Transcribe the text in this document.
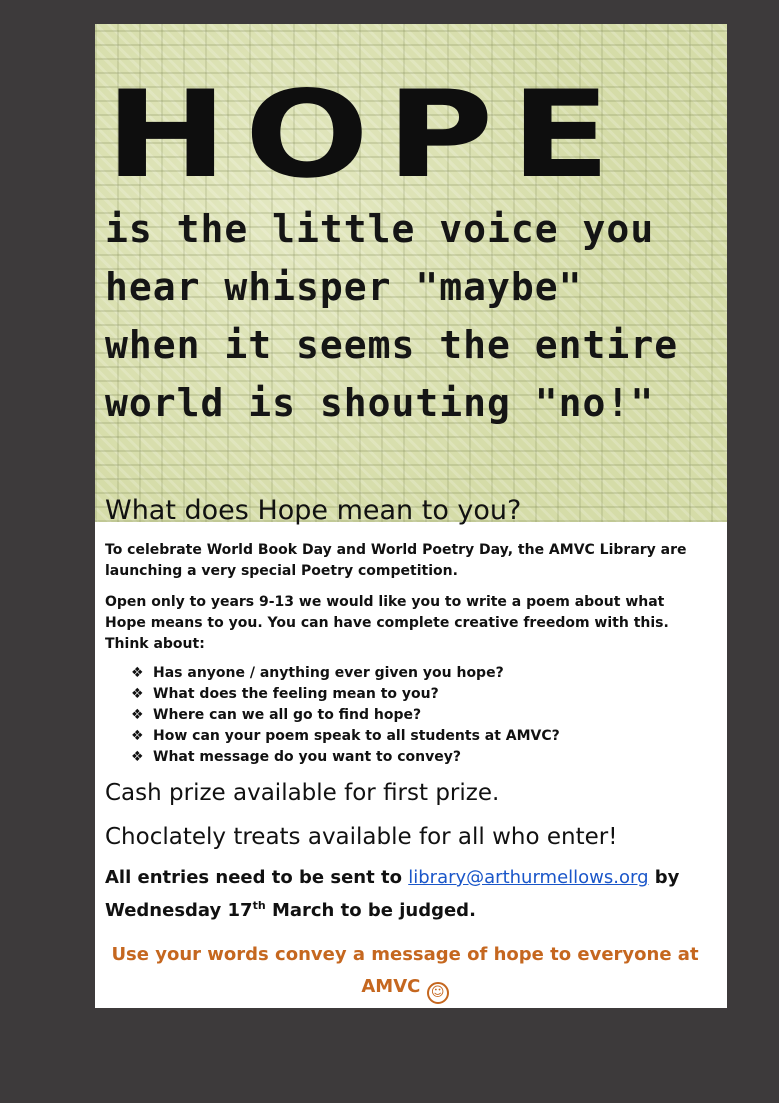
HOPE
is the little voice you
hear whisper "maybe"
when it seems the entire
world is shouting "no!"
What does Hope mean to you?

To celebrate World Book Day and World Poetry Day, the AMVC Library are launching a very special Poetry competition.

Open only to years 9-13 we would like you to write a poem about what Hope means to you. You can have complete creative freedom with this. Think about:

❖ Has anyone / anything ever given you hope?
❖ What does the feeling mean to you?
❖ Where can we all go to find hope?
❖ How can your poem speak to all students at AMVC?
❖ What message do you want to convey?

Cash prize available for first prize.

Choclately treats available for all who enter!

All entries need to be sent to library@arthurmellows.org by Wednesday 17th March to be judged.

Use your words convey a message of hope to everyone at AMVC ☺
